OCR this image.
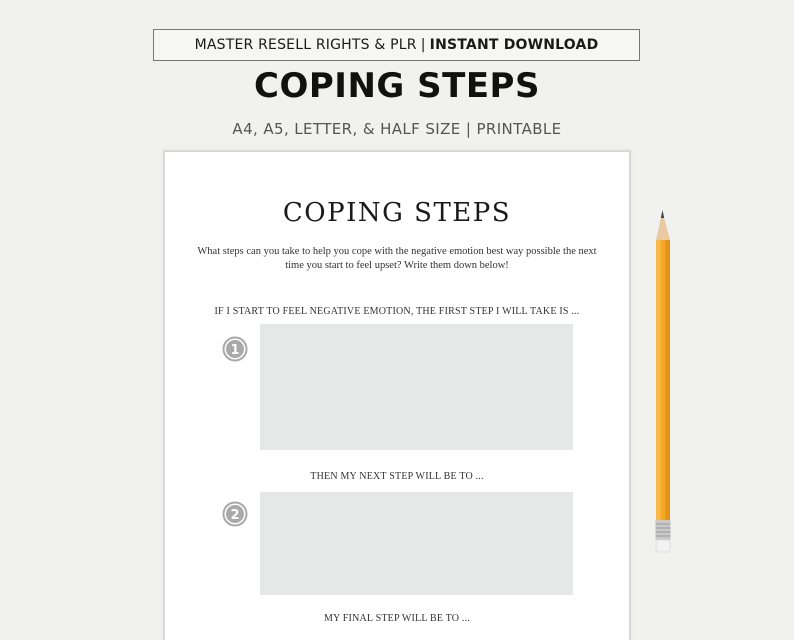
MASTER RESELL RIGHTS & PLR | INSTANT DOWNLOAD
COPING STEPS
A4, A5, LETTER, & HALF SIZE | PRINTABLE
COPING STEPS
What steps can you take to help you cope with the negative emotion best way possible the next time you start to feel upset? Write them down below!
IF I START TO FEEL NEGATIVE EMOTION, THE FIRST STEP I WILL TAKE IS ...
1
THEN MY NEXT STEP WILL BE TO ...
2
MY FINAL STEP WILL BE TO ...
